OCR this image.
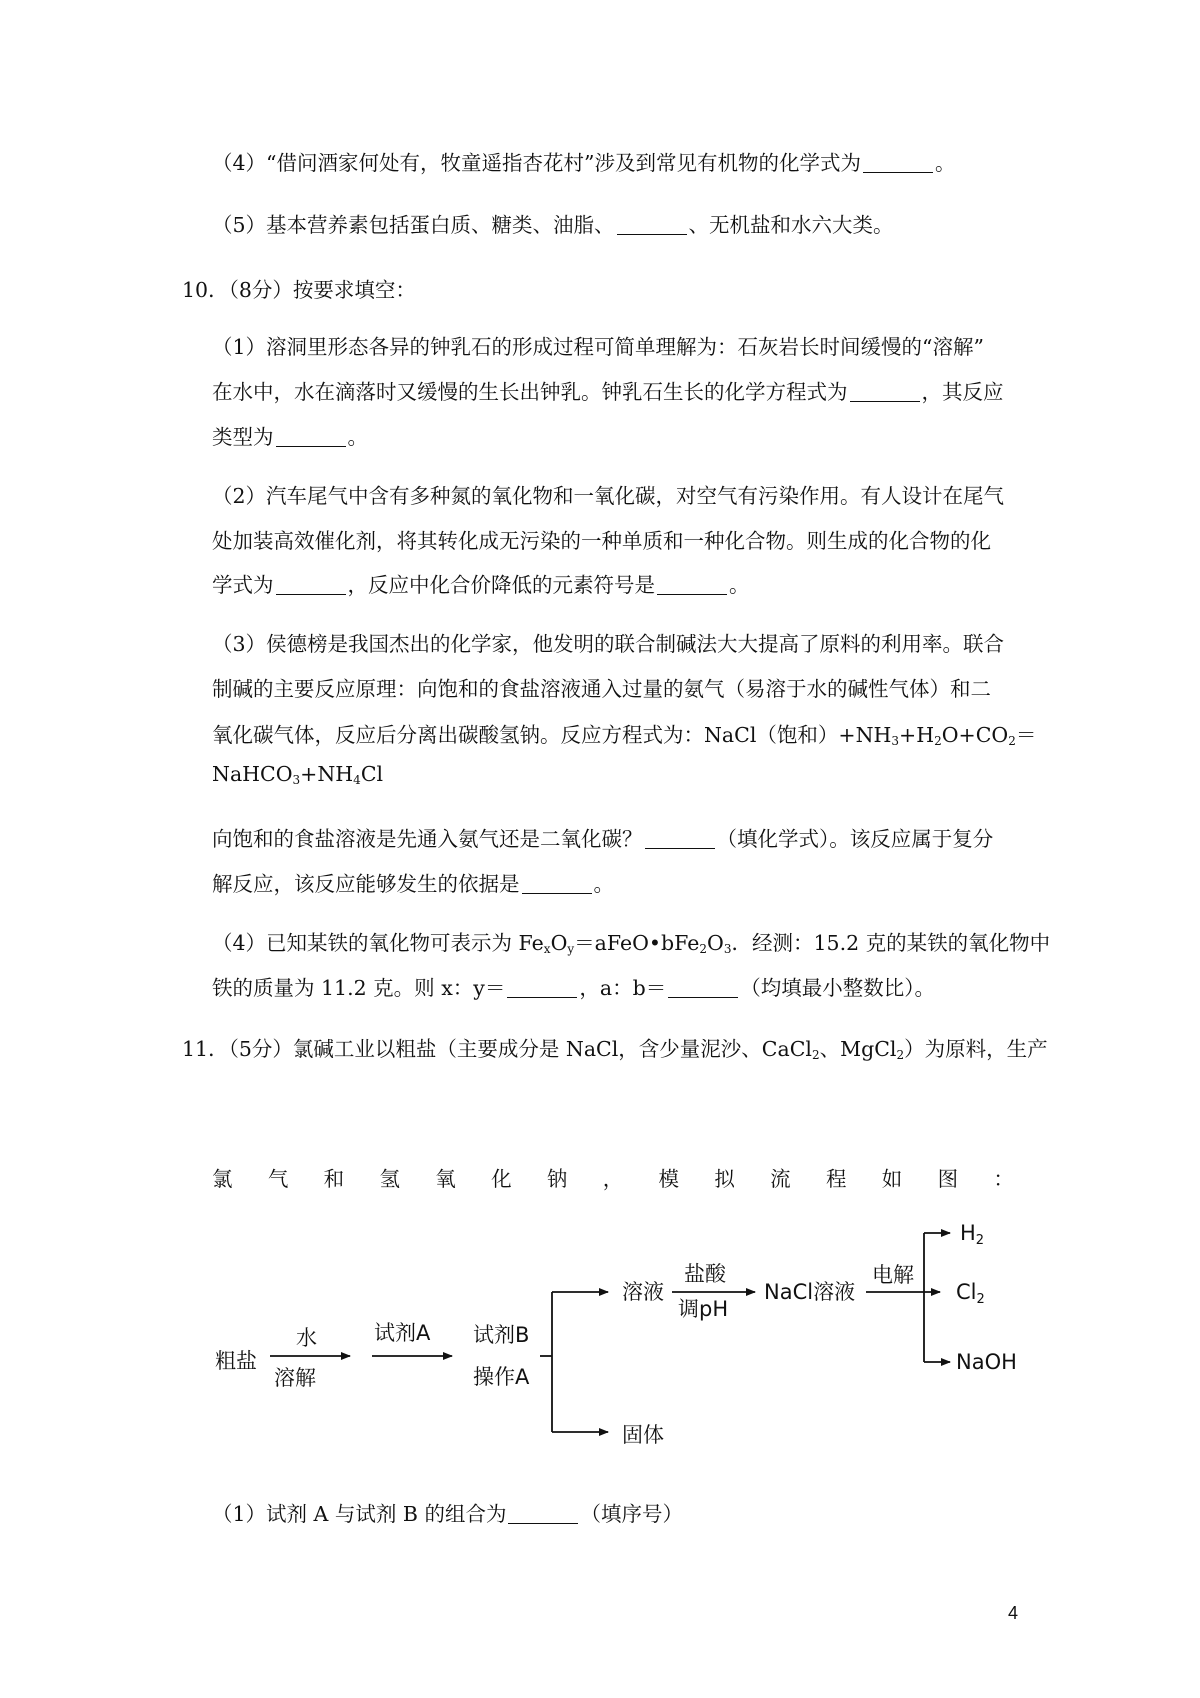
（4）“借问酒家何处有，牧童遥指杏花村”涉及到常见有机物的化学式为	。
（5）基本营养素包括蛋白质、糖类、油脂、	、无机盐和水六大类。
10．（8分）按要求填空：
（1）溶洞里形态各异的钟乳石的形成过程可简单理解为：石灰岩长时间缓慢的“溶解”
在水中，水在滴落时又缓慢的生长出钟乳。钟乳石生长的化学方程式为	，其反应
类型为	。
（2）汽车尾气中含有多种氮的氧化物和一氧化碳，对空气有污染作用。有人设计在尾气
处加装高效催化剂，将其转化成无污染的一种单质和一种化合物。则生成的化合物的化
学式为	，反应中化合价降低的元素符号是	。
（3）侯德榜是我国杰出的化学家，他发明的联合制碱法大大提高了原料的利用率。联合
制碱的主要反应原理：向饱和的食盐溶液通入过量的氨气（易溶于水的碱性气体）和二
氧化碳气体，反应后分离出碳酸氢钠。反应方程式为：NaCl（饱和）$+NH_3+H_2O+CO_2=$
$NaHCO_3+NH_4Cl$
向饱和的食盐溶液是先通入氨气还是二氧化碳？	（填化学式）。该反应属于复分
解反应，该反应能够发生的依据是	。
（4）已知某铁的氧化物可表示为 $Fe_xO_y=aFeO•bFe_2O_3$．经测：15.2 克的某铁的氧化物中
铁的质量为 11.2 克。则 x：y＝	，a：b＝	（均填最小整数比）。
11．（5分）氯碱工业以粗盐（主要成分是 NaCl，含少量泥沙、CaCl$_2$、MgCl$_2$）为原料，生产
氯 气 和 氢 氧 化 钠 ， 模 拟 流 程 如 图 ：
粗盐
水
溶解
试剂A 试剂B
操作A
溶液
盐酸
调pH
NaCl溶液
电解
H2
Cl2
NaOH
固体
（1）试剂 A 与试剂 B 的组合为	（填序号）
4
